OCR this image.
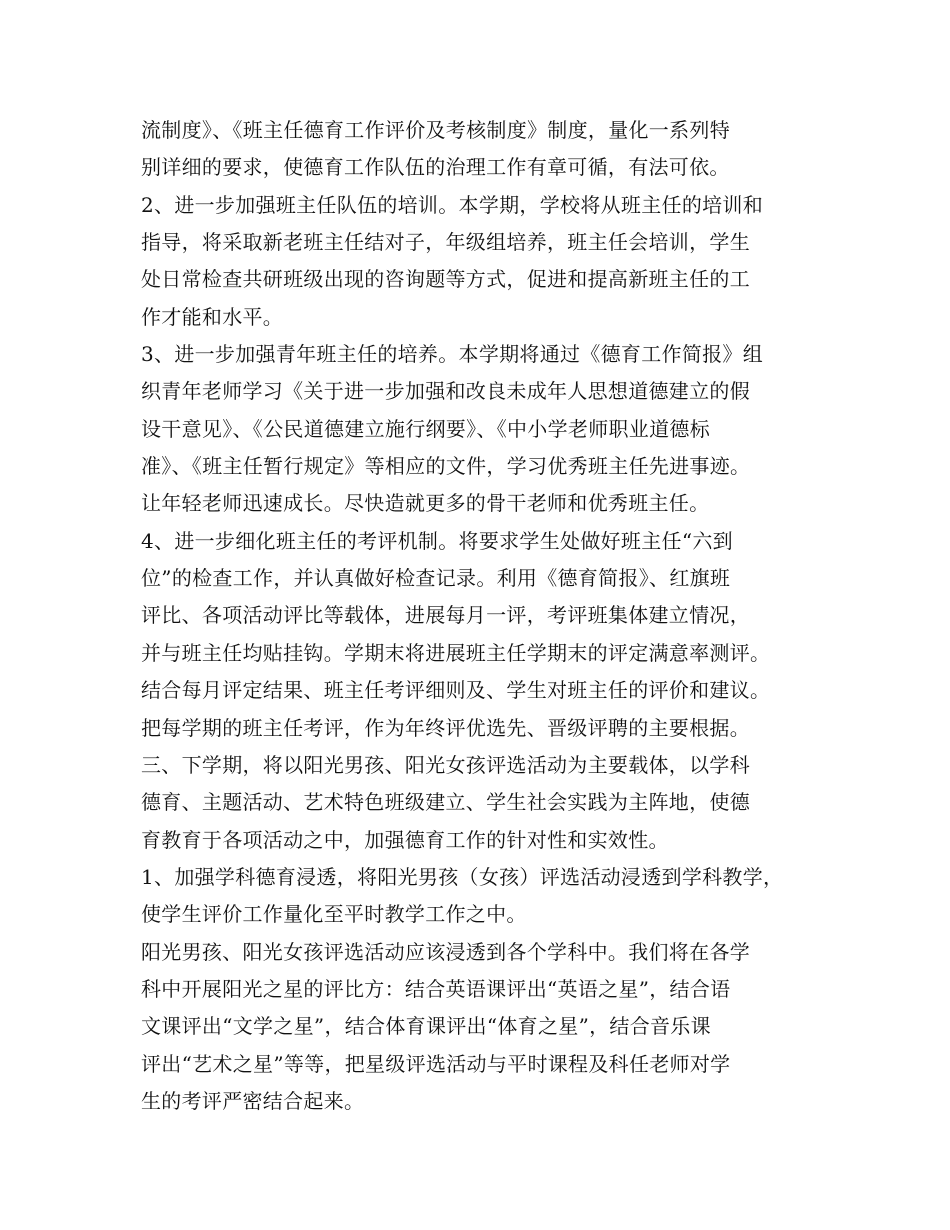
流制度》、《班主任德育工作评价及考核制度》制度，量化一系列特
别详细的要求，使德育工作队伍的治理工作有章可循，有法可依。
2、进一步加强班主任队伍的培训。本学期，学校将从班主任的培训和
指导，将采取新老班主任结对子，年级组培养，班主任会培训，学生
处日常检查共研班级出现的咨询题等方式，促进和提高新班主任的工
作才能和水平。
3、进一步加强青年班主任的培养。本学期将通过《德育工作简报》组
织青年老师学习《关于进一步加强和改良未成年人思想道德建立的假
设干意见》、《公民道德建立施行纲要》、《中小学老师职业道德标
准》、《班主任暂行规定》等相应的文件，学习优秀班主任先进事迹。
让年轻老师迅速成长。尽快造就更多的骨干老师和优秀班主任。
4、进一步细化班主任的考评机制。将要求学生处做好班主任“六到
位”的检查工作，并认真做好检查记录。利用《德育简报》、红旗班
评比、各项活动评比等载体，进展每月一评，考评班集体建立情况，
并与班主任均贴挂钩。学期末将进展班主任学期末的评定满意率测评。
结合每月评定结果、班主任考评细则及、学生对班主任的评价和建议。
把每学期的班主任考评，作为年终评优选先、晋级评聘的主要根据。
三、下学期，将以阳光男孩、阳光女孩评选活动为主要载体，以学科
德育、主题活动、艺术特色班级建立、学生社会实践为主阵地，使德
育教育于各项活动之中，加强德育工作的针对性和实效性。
1、加强学科德育浸透，将阳光男孩（女孩）评选活动浸透到学科教学，
使学生评价工作量化至平时教学工作之中。
阳光男孩、阳光女孩评选活动应该浸透到各个学科中。我们将在各学
科中开展阳光之星的评比方：结合英语课评出“英语之星”，结合语
文课评出“文学之星”，结合体育课评出“体育之星”，结合音乐课
评出“艺术之星”等等，把星级评选活动与平时课程及科任老师对学
生的考评严密结合起来。
